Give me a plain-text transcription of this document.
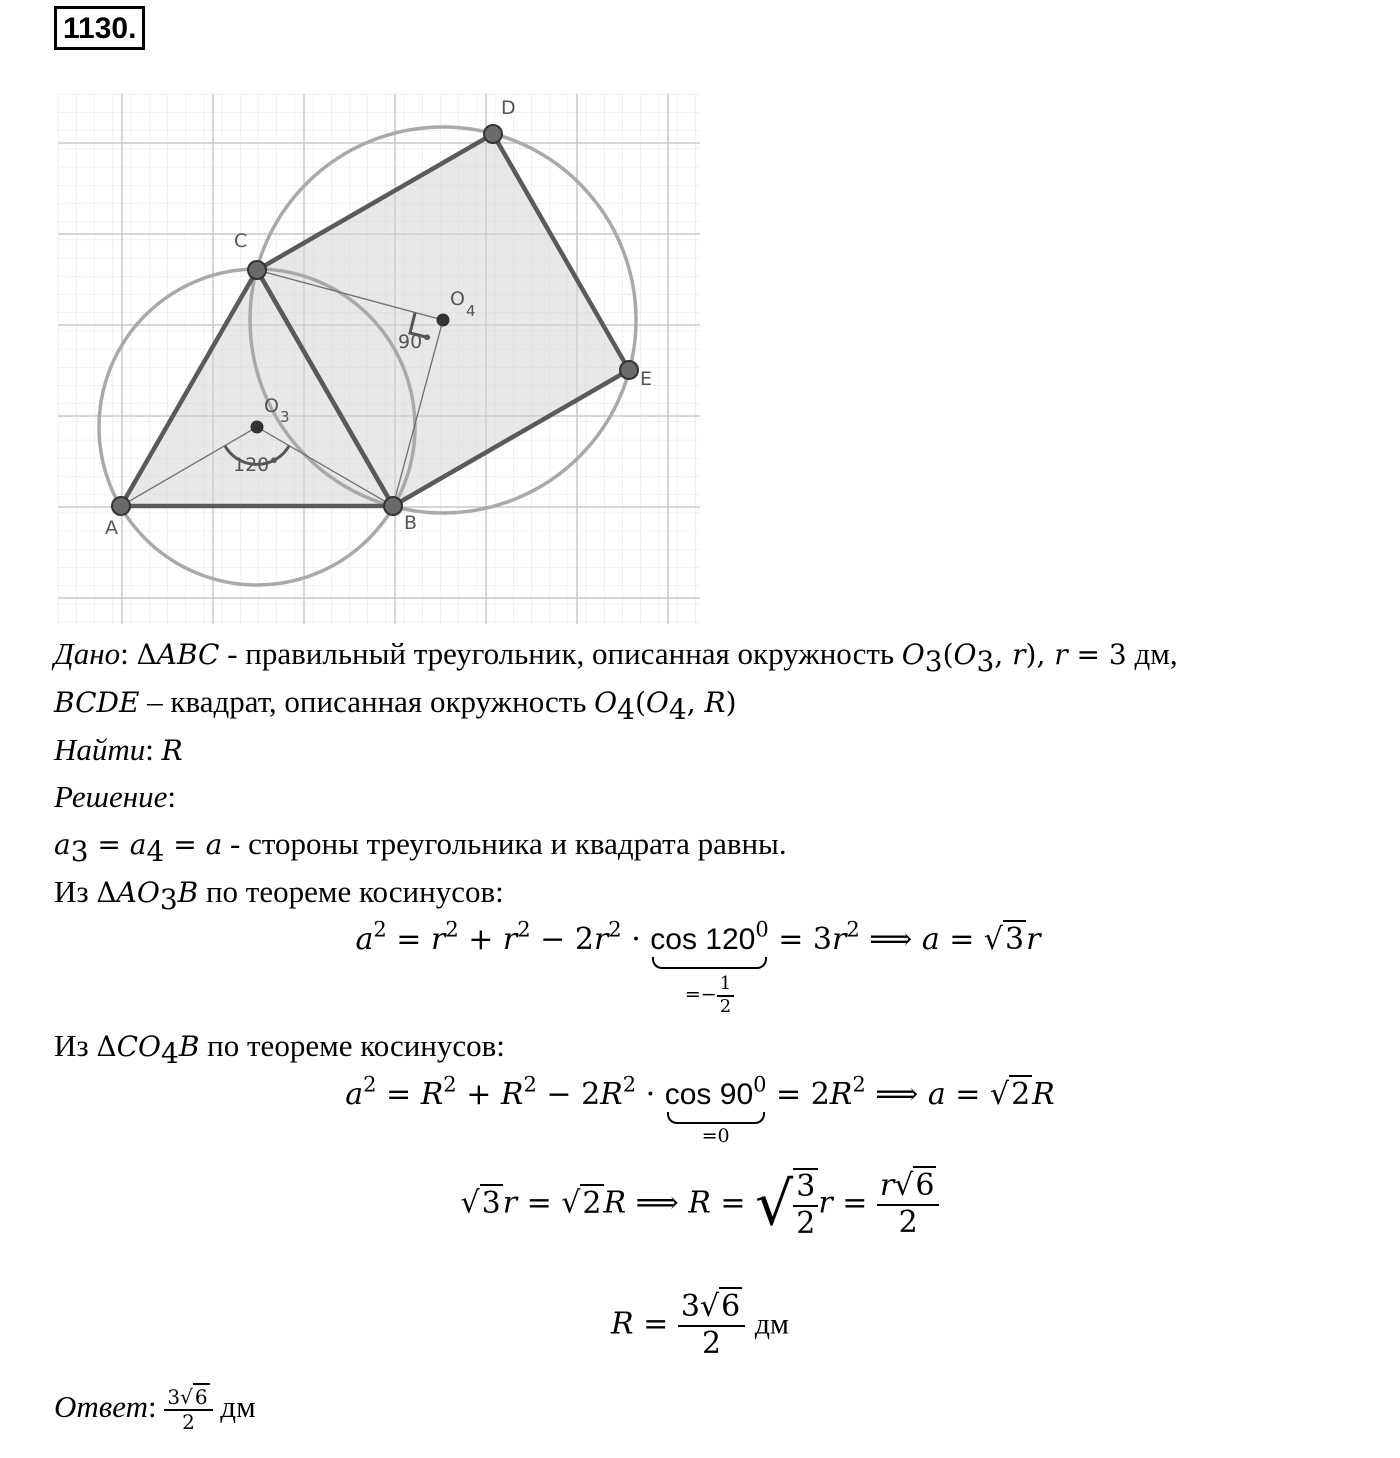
1130.
A	B
C
D
E
O 3
O
4
120°
90°
Дано: ΔABC - правильный треугольник, описанная окружность $O_3(O_3$, r), r = 3 дм,
BCDE – квадрат, описанная окружность $O_4(O_4$, R)
Найти: R
Решение:
$a_3 = a_4 = a$ - стороны треугольника и квадрата равны.
Из $\Delta AO_3B$ по теореме косинусов:
$a^2 = r^2 + r^2 - 2r^2 \cdot \cos 120^0$
=− $\frac{1}{2}$
= $3r^2$ ⟹ a = √3r
Из $\Delta CO_4B$ по теореме косинусов:
$a^2 = R^2 + R^2 - 2R^2 \cdot \cos 90^0$
=0
= $2R^2$ ⟹ a = √2R
√3r = √2R ⟹ R = √ $\frac{3}{2}$ $r = \frac{r√6}{2}$
$R = \frac{3√6}{2}$ дм
Ответ: $\frac{3√ 6}{2}$ дм
